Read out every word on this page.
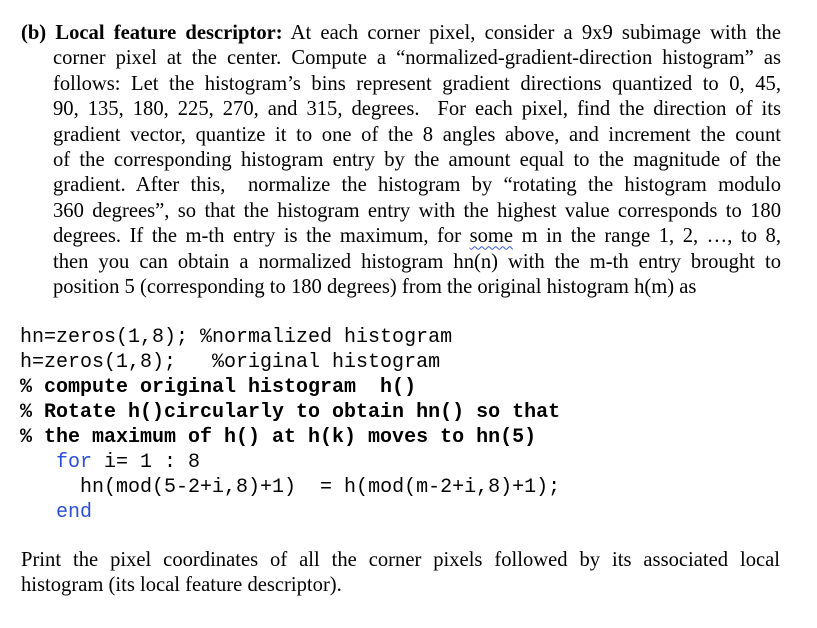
(b) Local feature descriptor: At each corner pixel, consider a 9x9 subimage with the
corner pixel at the center. Compute a “normalized-gradient-direction histogram” as
follows: Let the histogram’s bins represent gradient directions quantized to 0, 45,
90, 135, 180, 225, 270, and 315, degrees.  For each pixel, find the direction of its
gradient vector, quantize it to one of the 8 angles above, and increment the count
of the corresponding histogram entry by the amount equal to the magnitude of the
gradient. After this,  normalize the histogram by “rotating the histogram modulo
360 degrees”, so that the histogram entry with the highest value corresponds to 180
degrees. If the m-th entry is the maximum, for some m in the range 1, 2, …, to 8,
then you can obtain a normalized histogram hn(n) with the m-th entry brought to
position 5 (corresponding to 180 degrees) from the original histogram h(m) as
hn=zeros(1,8); %normalized histogram
h=zeros(1,8);   %original histogram
% compute original histogram  h()
% Rotate h()circularly to obtain hn() so that
% the maximum of h() at h(k) moves to hn(5)
for i= 1 : 8
hn(mod(5-2+i,8)+1)  = h(mod(m-2+i,8)+1);
end
Print the pixel coordinates of all the corner pixels followed by its associated local
histogram (its local feature descriptor).
